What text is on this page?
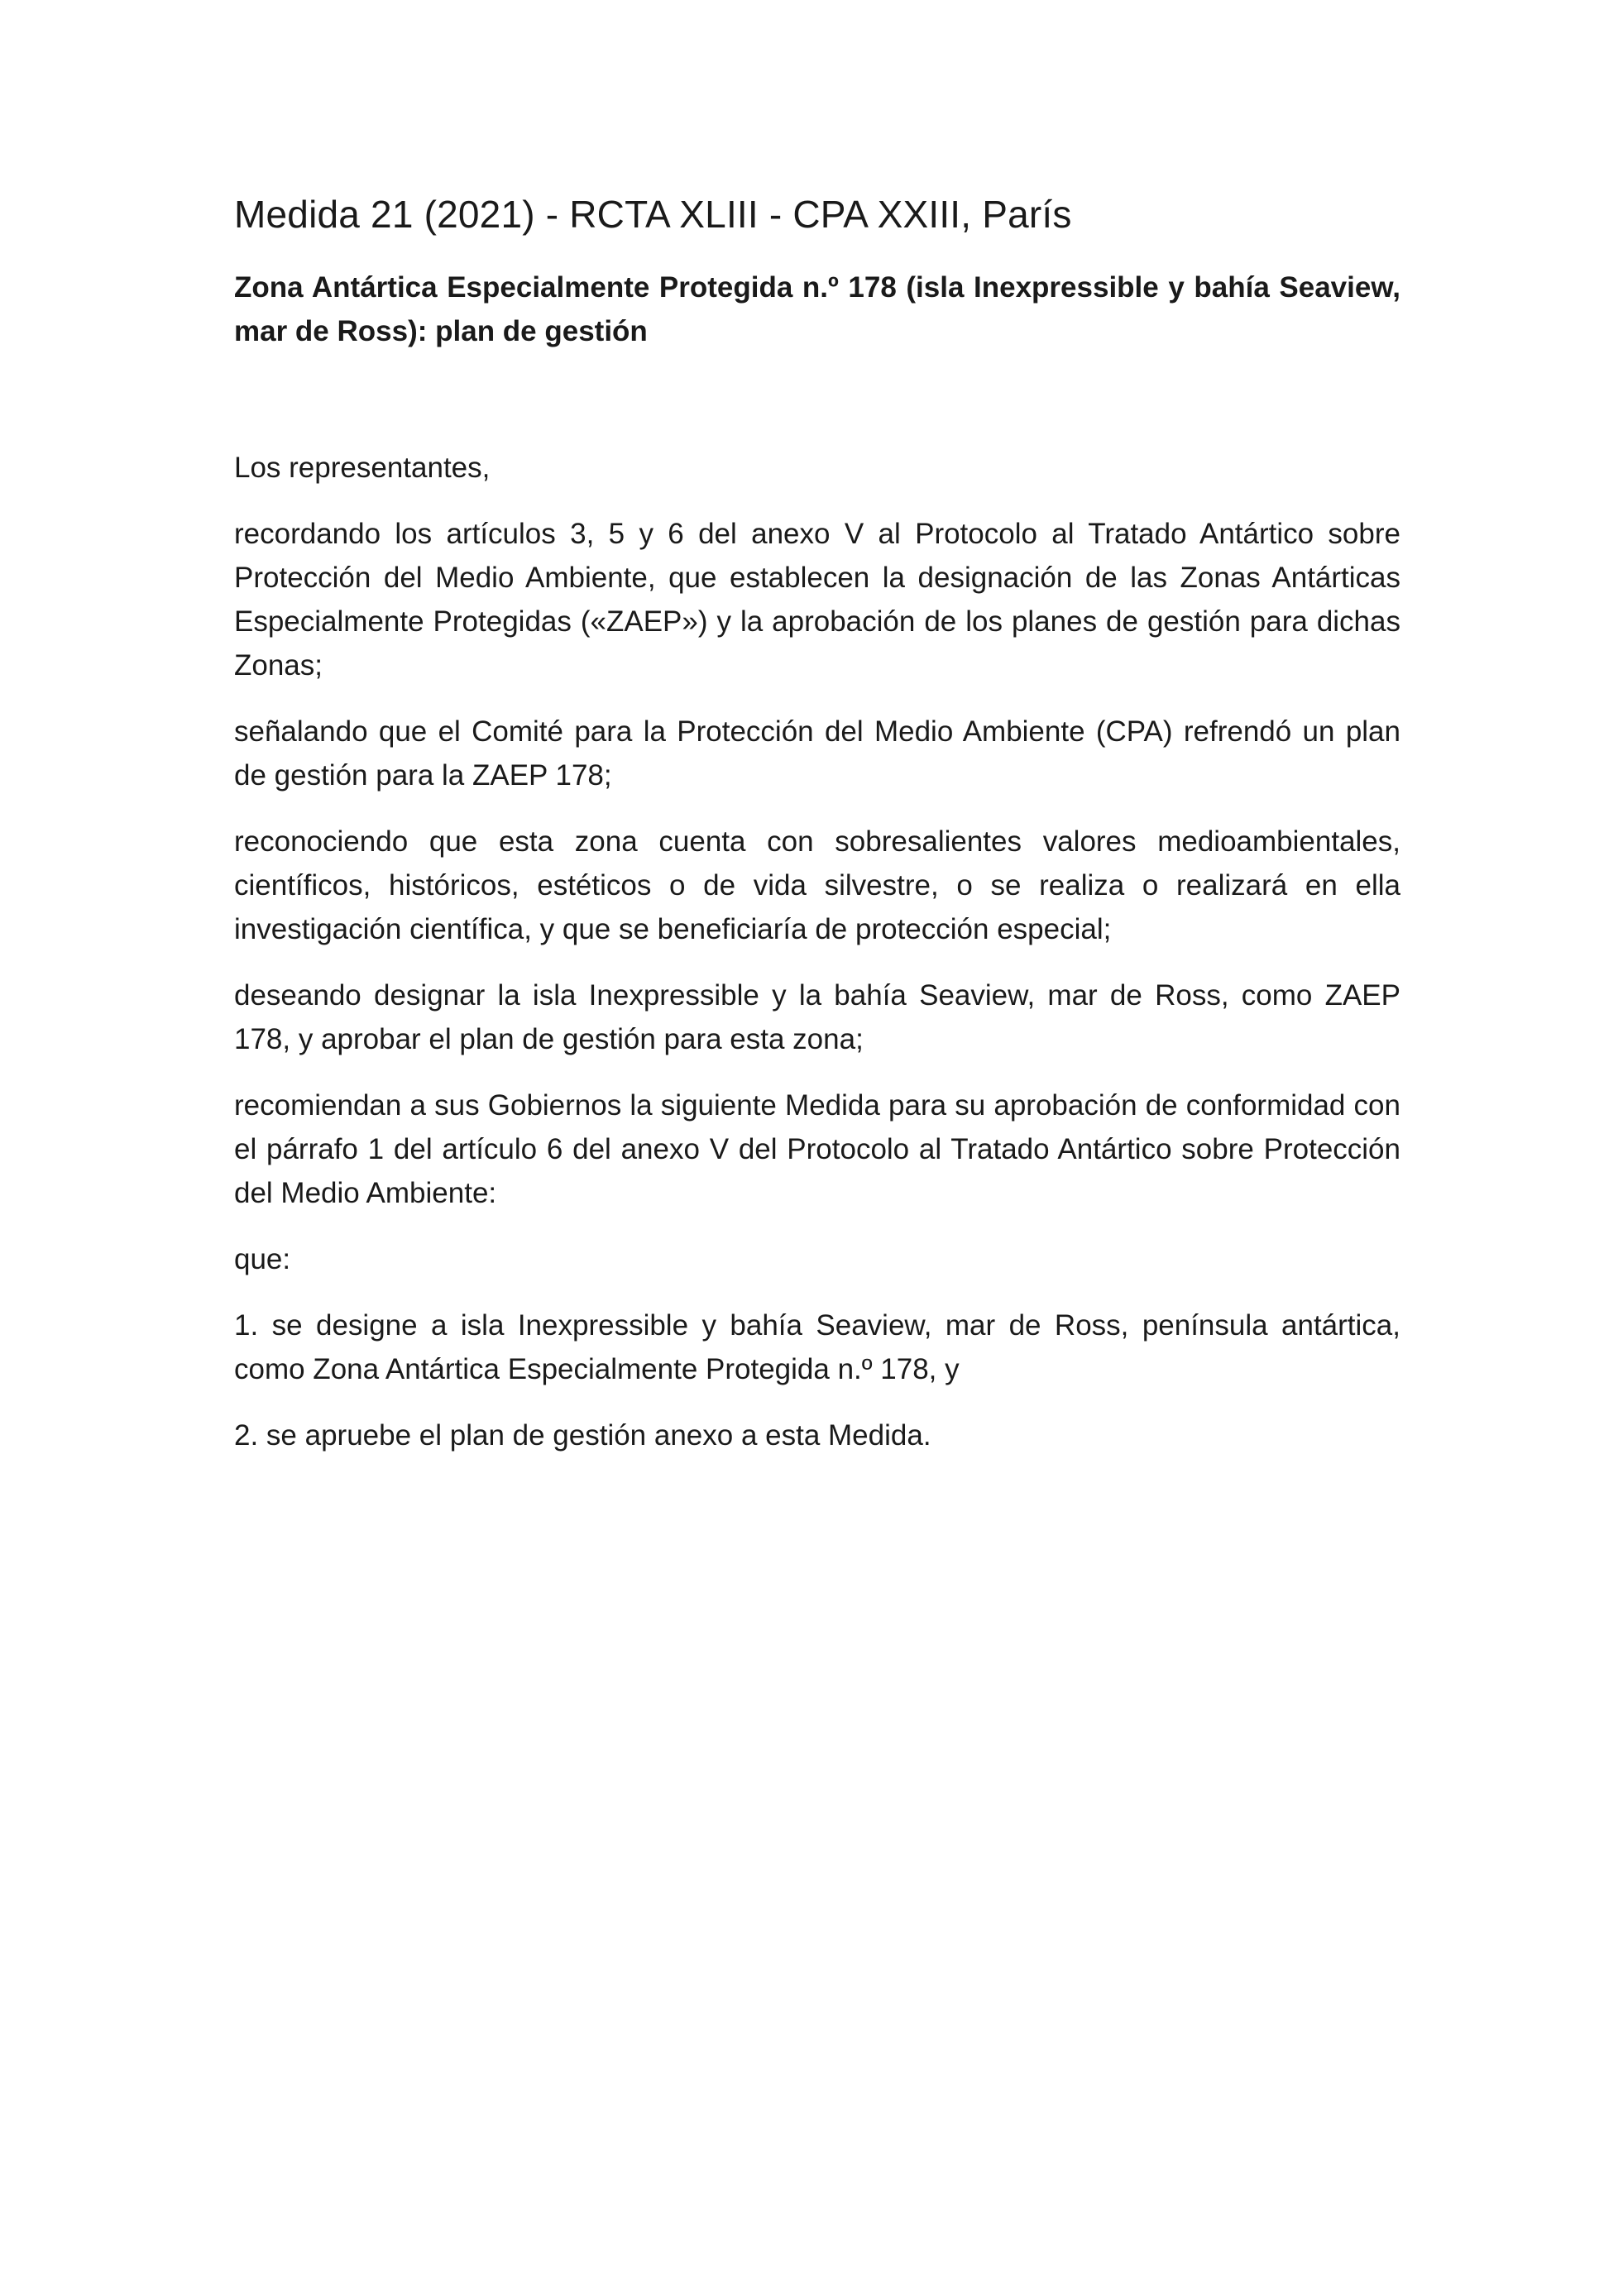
Medida 21 (2021) - RCTA XLIII - CPA XXIII, París
Zona Antártica Especialmente Protegida n.º 178 (isla Inexpressible y bahía Seaview, mar de Ross): plan de gestión

Los representantes,

recordando los artículos 3, 5 y 6 del anexo V al Protocolo al Tratado Antártico sobre Protección del Medio Ambiente, que establecen la designación de las Zonas Antárticas Especialmente Protegidas («ZAEP») y la aprobación de los planes de gestión para dichas Zonas;

señalando que el Comité para la Protección del Medio Ambiente (CPA) refrendó un plan de gestión para la ZAEP 178;

reconociendo que esta zona cuenta con sobresalientes valores medioambientales, científicos, históricos, estéticos o de vida silvestre, o se realiza o realizará en ella investigación científica, y que se beneficiaría de protección especial;

deseando designar la isla Inexpressible y la bahía Seaview, mar de Ross, como ZAEP 178, y aprobar el plan de gestión para esta zona;

recomiendan a sus Gobiernos la siguiente Medida para su aprobación de conformidad con el párrafo 1 del artículo 6 del anexo V del Protocolo al Tratado Antártico sobre Protección del Medio Ambiente:

que:

1. se designe a isla Inexpressible y bahía Seaview, mar de Ross, península antártica, como Zona Antártica Especialmente Protegida n.º 178, y

2. se apruebe el plan de gestión anexo a esta Medida.
